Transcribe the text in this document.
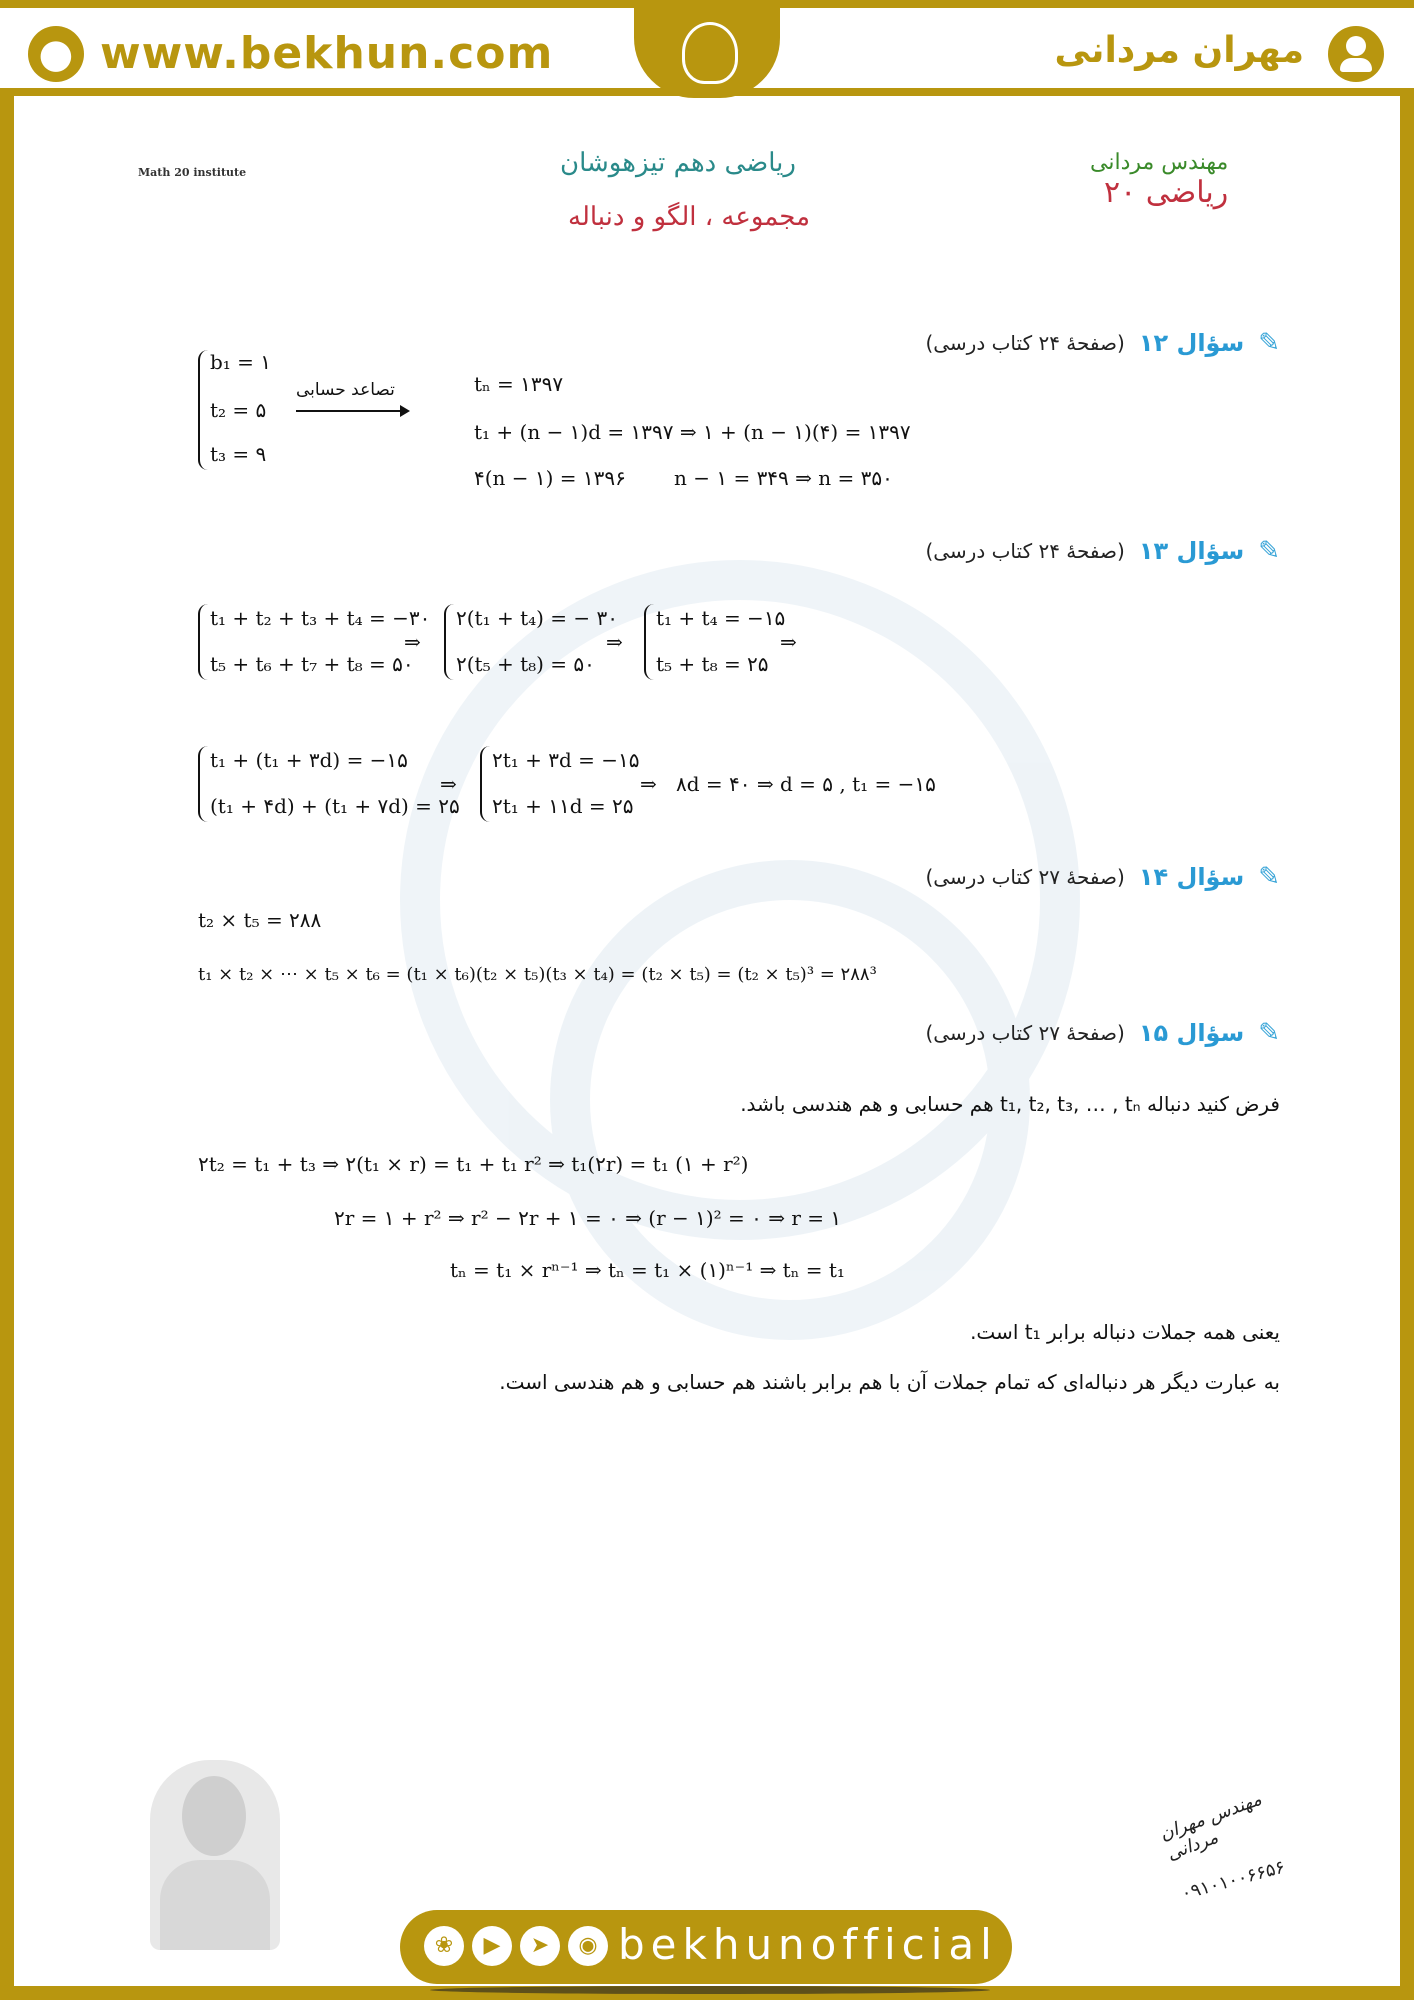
● www.bekhun.com	مهران مردانی
Math 20 institute	ریاضی دهم تیزهوشان
مجموعه ، الگو و دنباله
مهندس مردانی
ریاضی ۲۰
✎
سؤال ۱۲
(صفحهٔ ۲۴ کتاب درسی)
b₁ = ۱
t₂ = ۵
t₃ = ۹
تصاعد حسابی	tₙ = ۱۳۹۷
t₁ + (n − ۱)d = ۱۳۹۷ ⇒ ۱ + (n − ۱)(۴) = ۱۳۹۷
۴(n − ۱) = ۱۳۹۶ n − ۱ = ۳۴۹ ⇒ n = ۳۵۰
✎
سؤال ۱۳
(صفحهٔ ۲۴ کتاب درسی)
t₁ + t₂ + t₃ + t₄ = −۳۰
t₅ + t₆ + t₇ + t₈ = ۵۰
⇒
۲(t₁ + t₄) = − ۳۰
۲(t₅ + t₈) = ۵۰
⇒
t₁ + t₄ = −۱۵
t₅ + t₈ = ۲۵
⇒
t₁ + (t₁ + ۳d) = −۱۵
(t₁ + ۴d) + (t₁ + ۷d) = ۲۵
⇒
۲t₁ + ۳d = −۱۵
۲t₁ + ۱۱d = ۲۵
⇒ ۸d = ۴۰ ⇒ d = ۵ , t₁ = −۱۵
✎
سؤال ۱۴
(صفحهٔ ۲۷ کتاب درسی)
t₂ × t₅ = ۲۸۸
t₁ × t₂ × ⋯ × t₅ × t₆ = (t₁ × t₆)(t₂ × t₅)(t₃ × t₄) = (t₂ × t₅) = (t₂ × t₅)³ = ۲۸۸³
✎
سؤال ۱۵
(صفحهٔ ۲۷ کتاب درسی)
فرض کنید دنباله t₁, t₂, t₃, … , tₙ هم حسابی و هم هندسی باشد.
۲t₂ = t₁ + t₃ ⇒ ۲(t₁ × r) = t₁ + t₁ r² ⇒ t₁(۲r) = t₁ (۱ + r²)
۲r = ۱ + r² ⇒ r² − ۲r + ۱ = ۰ ⇒ (r − ۱)² = ۰ ⇒ r = ۱
tₙ = t₁ × rⁿ⁻¹ ⇒ tₙ = t₁ × (۱)ⁿ⁻¹ ⇒ tₙ = t₁
یعنی همه جملات دنباله برابر t₁ است.
به عبارت دیگر هر دنباله‌ای که تمام جملات آن با هم برابر باشند هم حسابی و هم هندسی است.
مهندس مهران مردانی
۰۹۱۰۱۰۰۶۶۵۶
❀	▶	➤	◉ bekhunofficial
